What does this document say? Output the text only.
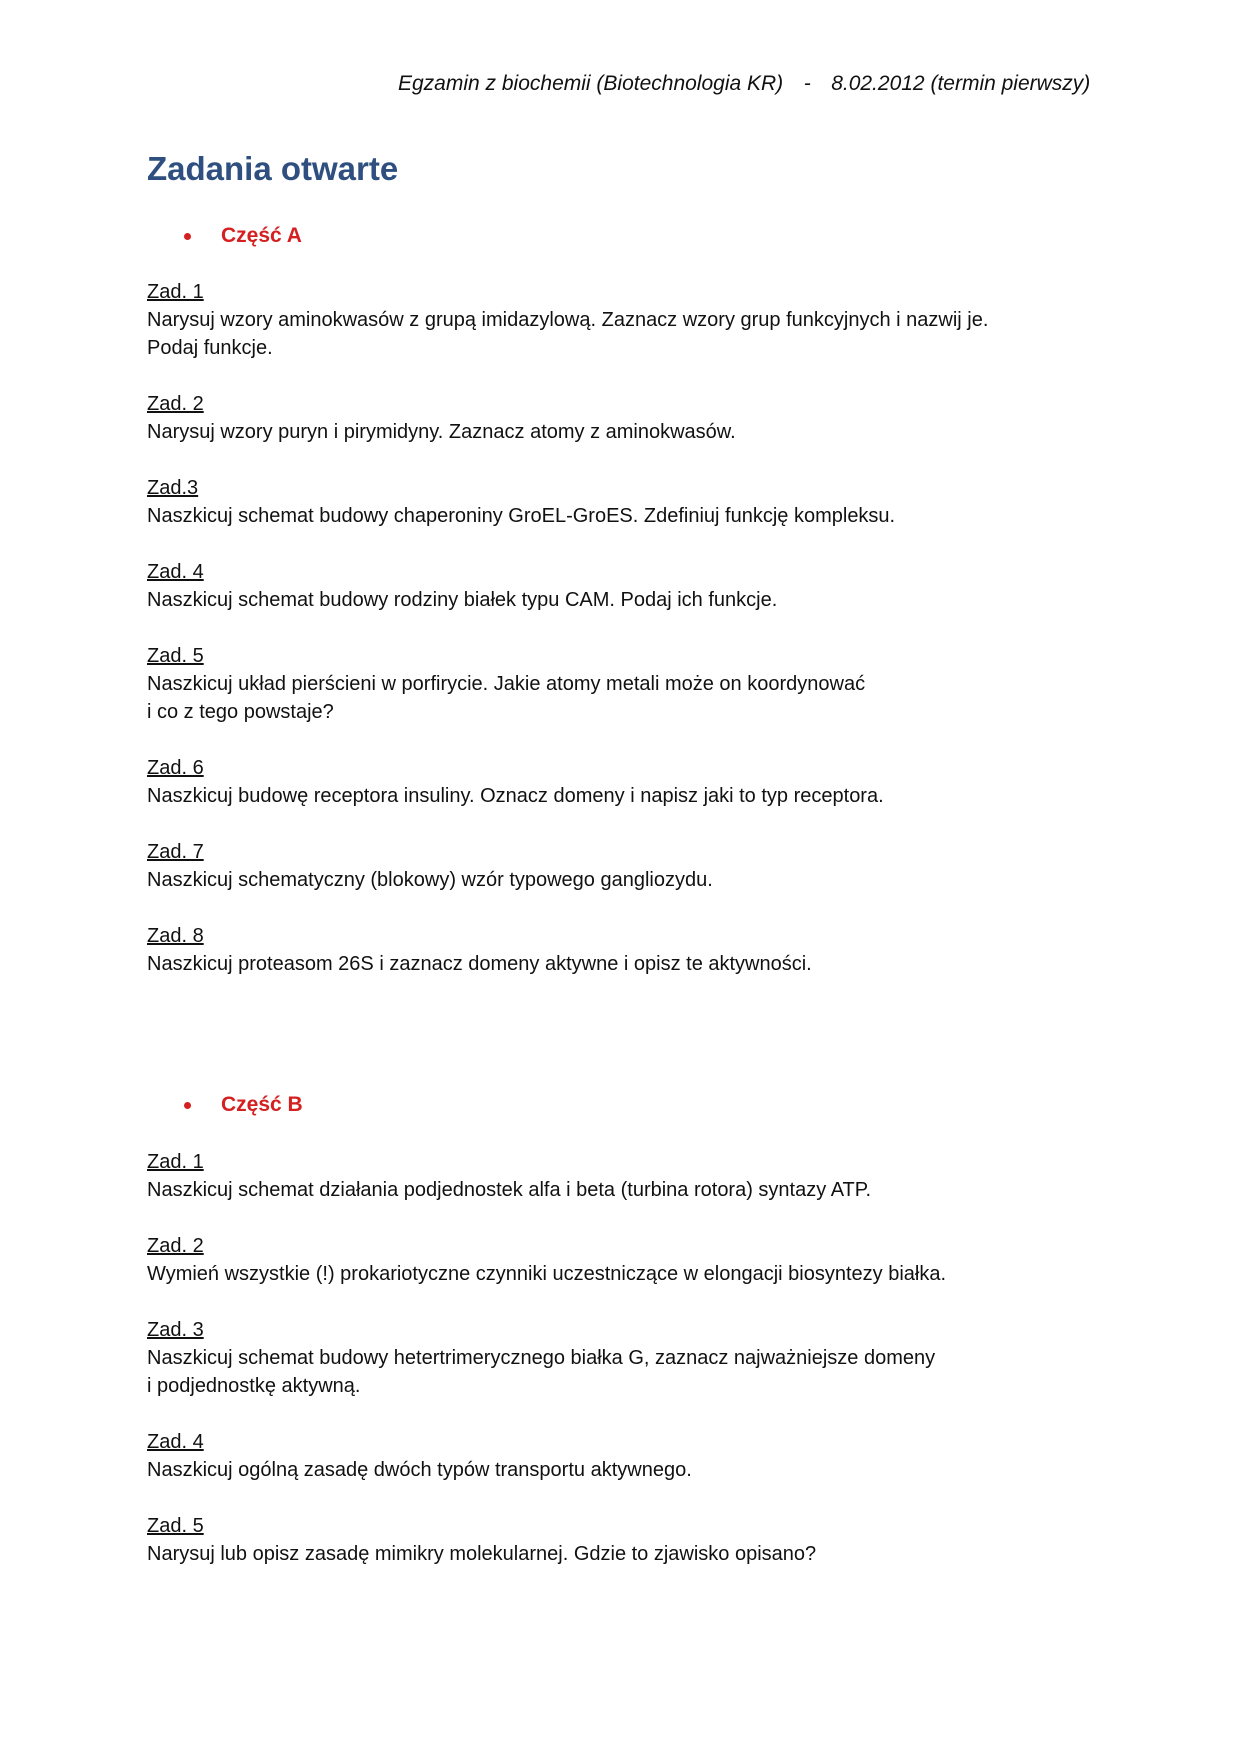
Egzamin z biochemii (Biotechnologia KR) - 8.02.2012 (termin pierwszy)
Zadania otwarte
Część A
Zad. 1
Narysuj wzory aminokwasów z grupą imidazylową. Zaznacz wzory grup funkcyjnych i nazwij je.
Podaj funkcje.
Zad. 2
Narysuj wzory puryn i pirymidyny. Zaznacz atomy z aminokwasów.
Zad.3
Naszkicuj schemat budowy chaperoniny GroEL-GroES. Zdefiniuj funkcję kompleksu.
Zad. 4
Naszkicuj schemat budowy rodziny białek typu CAM. Podaj ich funkcje.
Zad. 5
Naszkicuj układ pierścieni w porfirycie. Jakie atomy metali może on koordynować
i co z tego powstaje?
Zad. 6
Naszkicuj budowę receptora insuliny. Oznacz domeny i napisz jaki to typ receptora.
Zad. 7
Naszkicuj schematyczny (blokowy) wzór typowego gangliozydu.
Zad. 8
Naszkicuj proteasom 26S i zaznacz domeny aktywne i opisz te aktywności.
Część B
Zad. 1
Naszkicuj schemat działania podjednostek alfa i beta (turbina rotora) syntazy ATP.
Zad. 2
Wymień wszystkie (!) prokariotyczne czynniki uczestniczące w elongacji biosyntezy białka.
Zad. 3
Naszkicuj schemat budowy hetertrimerycznego białka G, zaznacz najważniejsze domeny
i podjednostkę aktywną.
Zad. 4
Naszkicuj ogólną zasadę dwóch typów transportu aktywnego.
Zad. 5
Narysuj lub opisz zasadę mimikry molekularnej. Gdzie to zjawisko opisano?
